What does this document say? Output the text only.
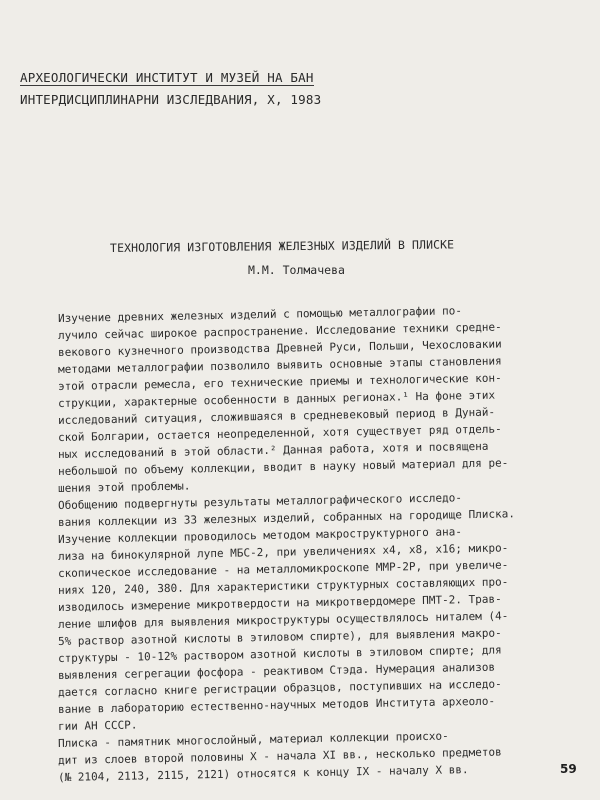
АРХЕОЛОГИЧЕСКИ ИНСТИТУТ И МУЗЕЙ НА БАН
ИНТЕРДИСЦИПЛИНАРНИ ИЗСЛЕДВАНИЯ, Х, 1983
ТЕХНОЛОГИЯ ИЗГОТОВЛЕНИЯ ЖЕЛЕЗНЫХ ИЗДЕЛИЙ В ПЛИСКЕ
М.М. Толмачева
Изучение древних железных изделий с помощью металлографии по-
лучило сейчас широкое распространение. Исследование техники средне-
векового кузнечного производства Древней Руси, Польши, Чехословакии
методами металлографии позволило выявить основные этапы становления
этой отрасли ремесла, его технические приемы и технологические кон-
струкции, характерные особенности в данных регионах.¹ На фоне этих
исследований ситуация, сложившаяся в средневековый период в Дунай-
ской Болгарии, остается неопределенной, хотя существует ряд отдель-
ных исследований в этой области.² Данная работа, хотя и посвящена
небольшой по объему коллекции, вводит в науку новый материал для ре-
шения этой проблемы.
Обобщению подвергнуты результаты металлографического исследо-
вания коллекции из 33 железных изделий, собранных на городище Плиска.
Изучение коллекции проводилось методом макроструктурного ана-
лиза на бинокулярной лупе МБС-2, при увеличениях х4, х8, х16; микро-
скопическое исследование - на металломикроскопе ММР-2Р, при увеличе-
ниях 120, 240, 380. Для характеристики структурных составляющих про-
изводилось измерение микротвердости на микротвердомере ПМТ-2. Трав-
ление шлифов для выявления микроструктуры осуществлялось ниталем (4-
5% раствор азотной кислоты в этиловом спирте), для выявления макро-
структуры - 10-12% раствором азотной кислоты в этиловом спирте; для
выявления сегрегации фосфора - реактивом Стэда. Нумерация анализов
дается согласно книге регистрации образцов, поступивших на исследо-
вание в лабораторию естественно-научных методов Института археоло-
гии АН СССР.
Плиска - памятник многослойный, материал коллекции происхо-
дит из слоев второй половины Х - начала XI вв., несколько предметов
(№ 2104, 2113, 2115, 2121) относятся к концу IX - началу Х вв.	59
